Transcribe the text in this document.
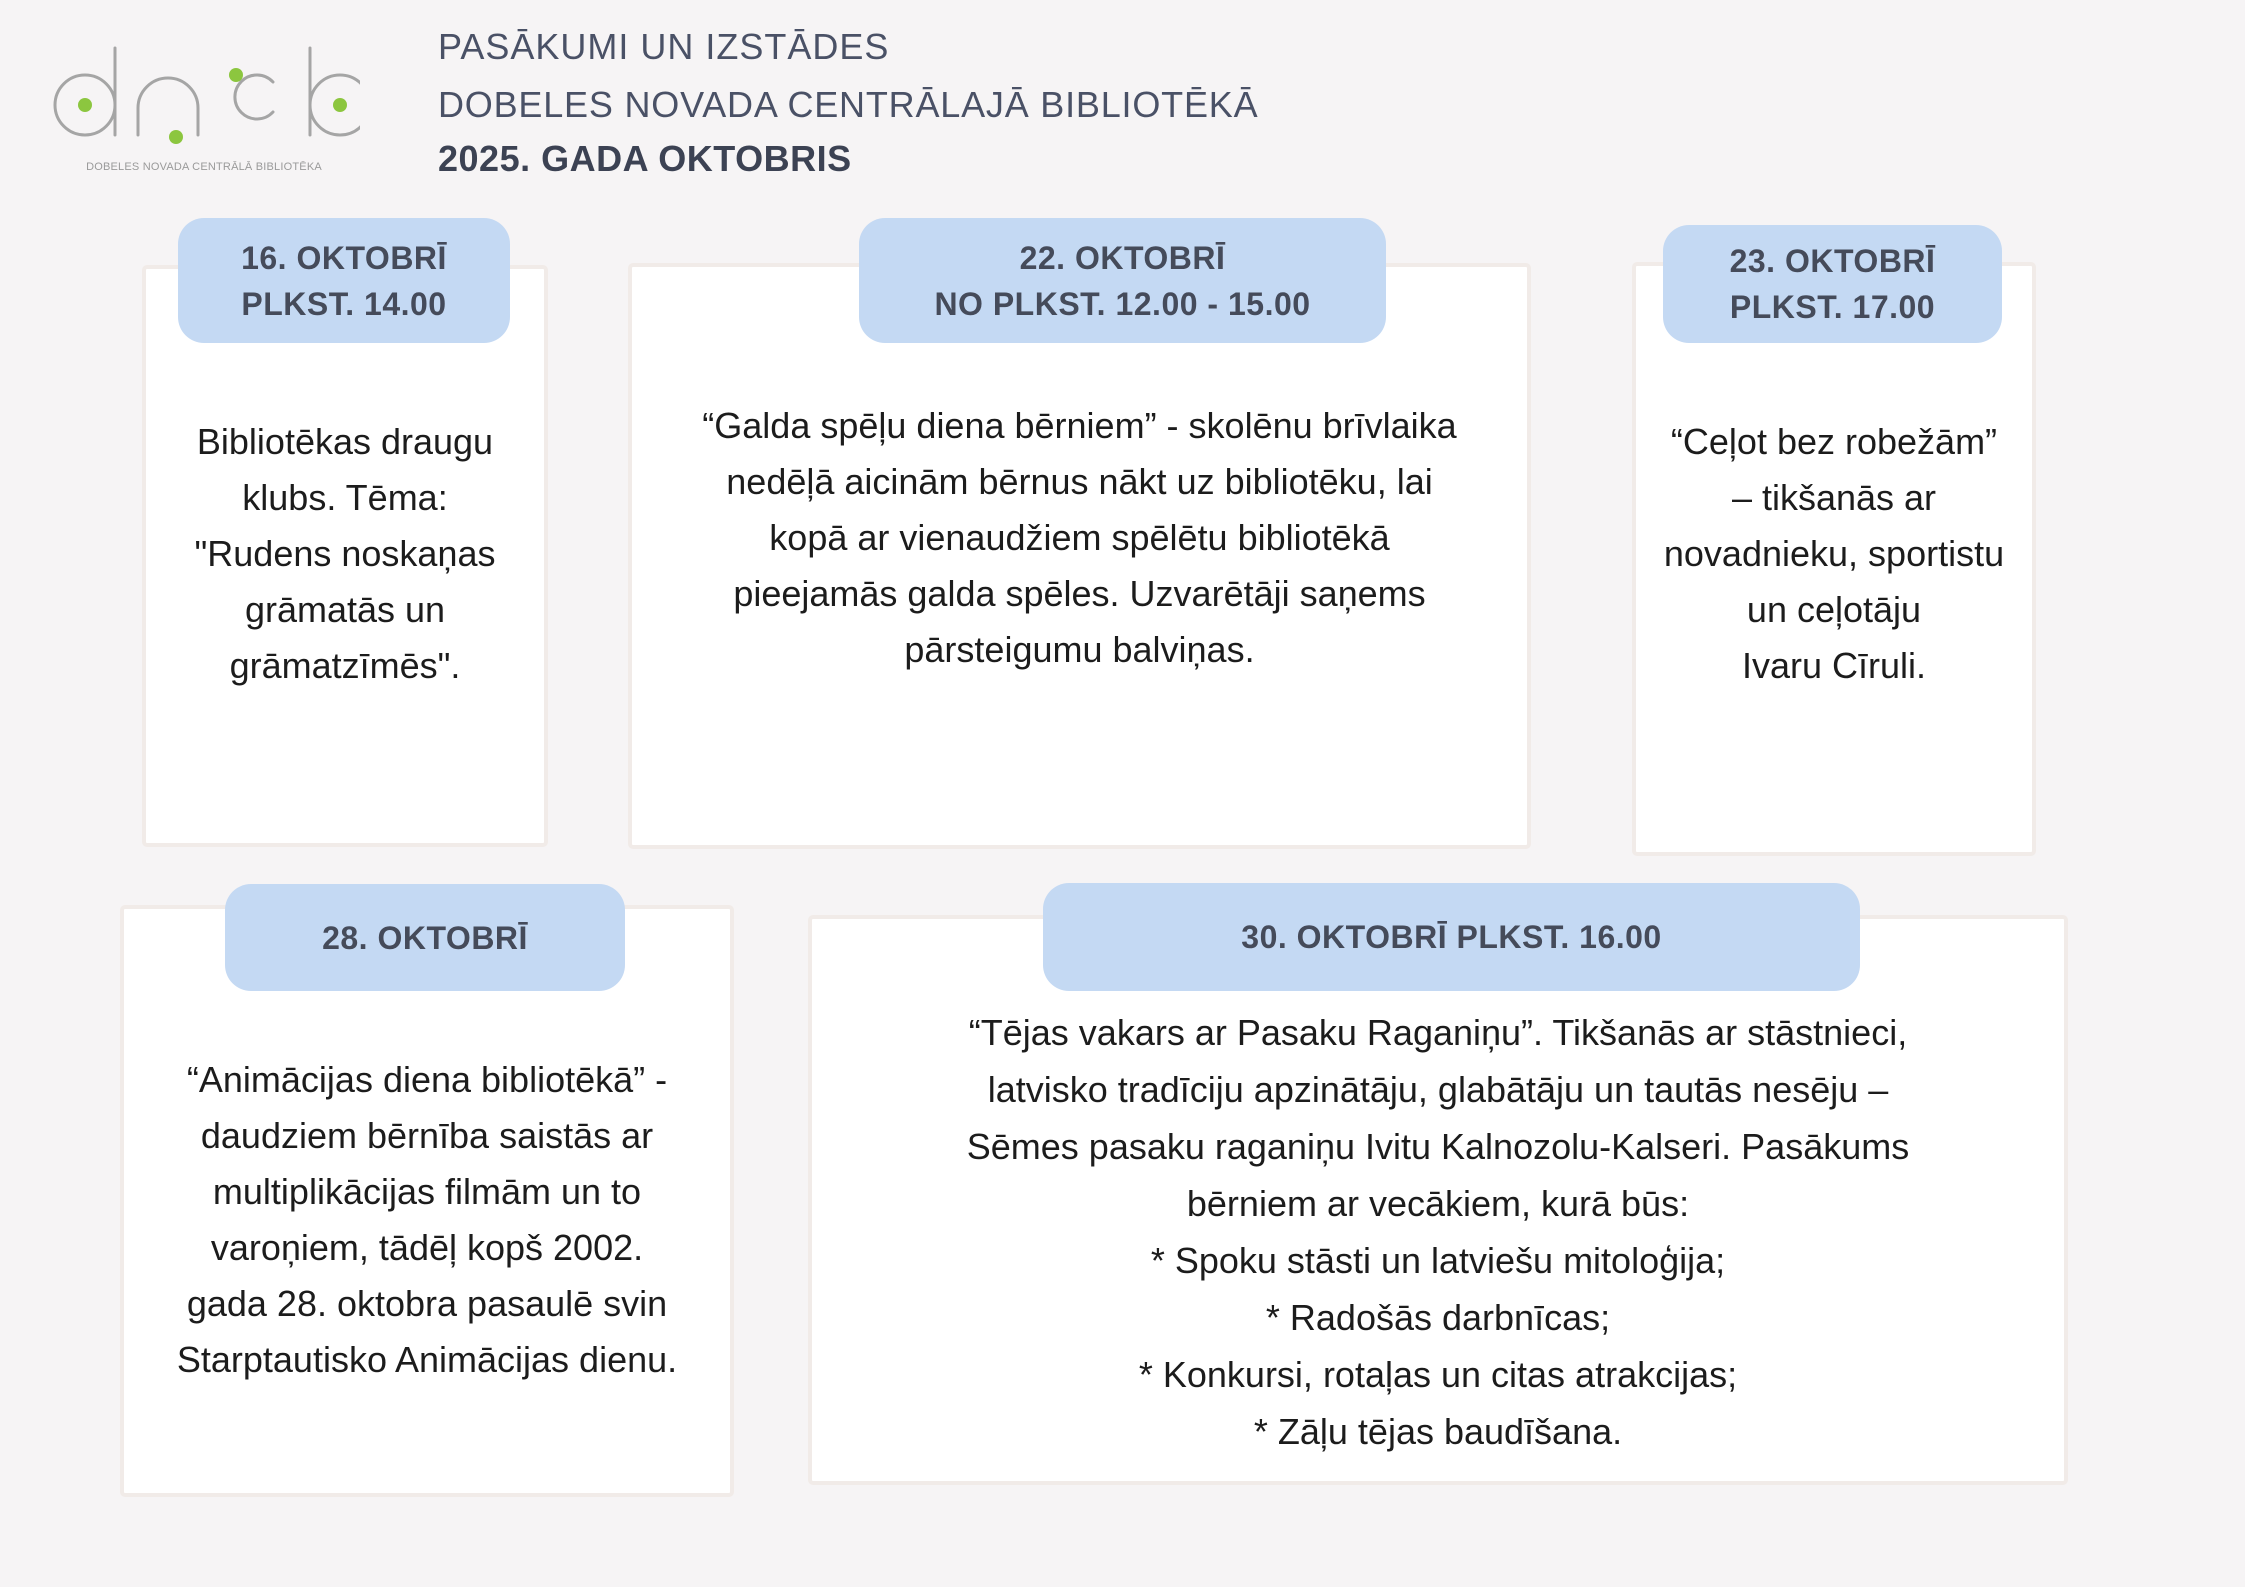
DOBELES NOVADA CENTRĀLĀ BIBLIOTĒKA
PASĀKUMI UN IZSTĀDES
DOBELES NOVADA CENTRĀLAJĀ BIBLIOTĒKĀ
2025. GADA OKTOBRIS
16. OKTOBRĪ
PLKST. 14.00
Bibliotēkas draugu
klubs. Tēma:
"Rudens noskaņas
grāmatās un
grāmatzīmēs".
22. OKTOBRĪ
NO PLKST. 12.00 - 15.00
“Galda spēļu diena bērniem” - skolēnu brīvlaika
nedēļā aicinām bērnus nākt uz bibliotēku, lai
kopā ar vienaudžiem spēlētu bibliotēkā
pieejamās galda spēles. Uzvarētāji saņems
pārsteigumu balviņas.
23. OKTOBRĪ
PLKST. 17.00
“Ceļot bez robežām”
– tikšanās ar
novadnieku, sportistu
un ceļotāju
Ivaru Cīruli.
28. OKTOBRĪ
“Animācijas diena bibliotēkā” -
daudziem bērnība saistās ar
multiplikācijas filmām un to
varoņiem, tādēļ kopš 2002.
gada 28. oktobra pasaulē svin
Starptautisko Animācijas dienu.
30. OKTOBRĪ PLKST. 16.00
“Tējas vakars ar Pasaku Raganiņu”. Tikšanās ar stāstnieci,
latvisko tradīciju apzinātāju, glabātāju un tautās nesēju –
Sēmes pasaku raganiņu Ivitu Kalnozolu-Kalseri. Pasākums
bērniem ar vecākiem, kurā būs:
* Spoku stāsti un latviešu mitoloģija;
* Radošās darbnīcas;
* Konkursi, rotaļas un citas atrakcijas;
* Zāļu tējas baudīšana.
